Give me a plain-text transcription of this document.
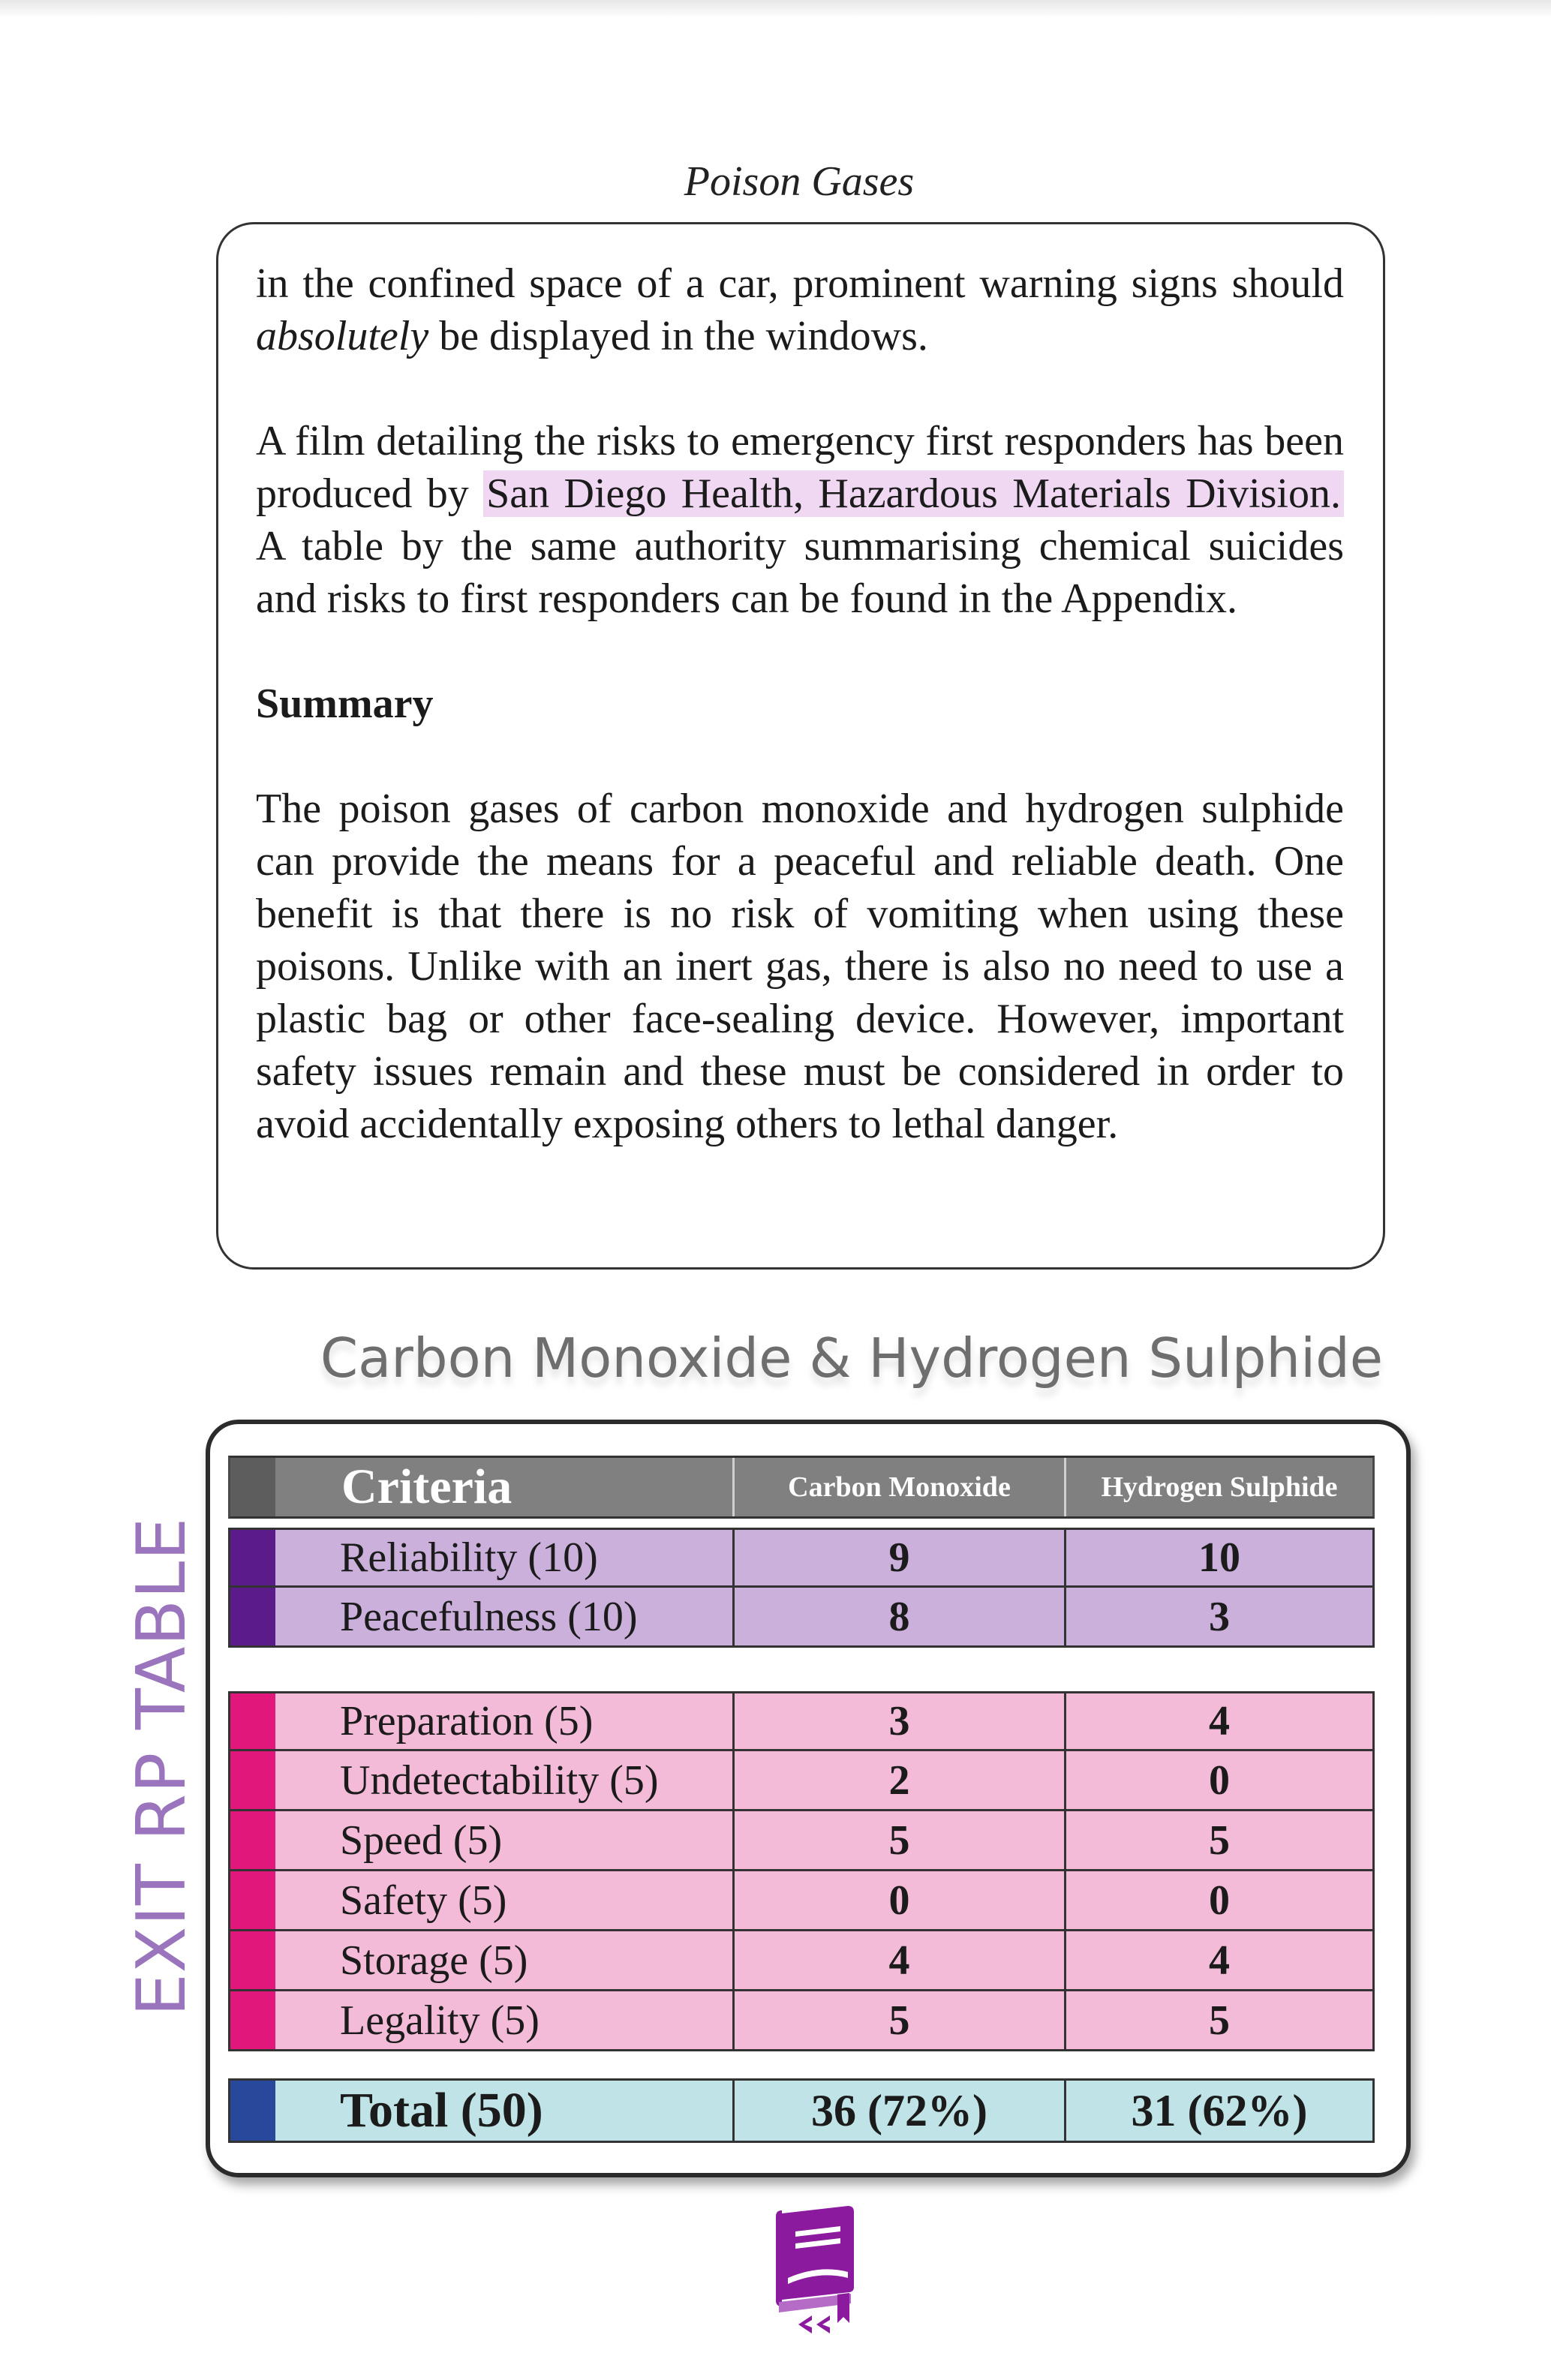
Poison Gases

in the confined space of a car, prominent warning signs should absolutely be displayed in the windows.

A film detailing the risks to emergency first responders has been produced by San Diego Health, Hazardous Materials Division. A table by the same authority summarising chemical suicides and risks to first responders can be found in the Appendix.

Summary

The poison gases of carbon monoxide and hydrogen sulphide can provide the means for a peaceful and reliable death. One benefit is that there is no risk of vomiting when using these poisons. Unlike with an inert gas, there is also no need to use a plastic bag or other face-sealing device. However, important safety issues remain and these must be considered in order to avoid accidentally exposing others to lethal danger.

Carbon Monoxide & Hydrogen Sulphide
EXIT RP TABLE
Criteria	Carbon Monoxide	Hydrogen Sulphide
Reliability (10)	9	10
Peacefulness (10)	8	3
Preparation (5)	3	4
Undetectability (5)	2	0
Speed (5)	5	5
Safety (5)	0	0
Storage (5)	4	4
Legality (5)	5	5
Total (50)	36 (72%)	31 (62%)
